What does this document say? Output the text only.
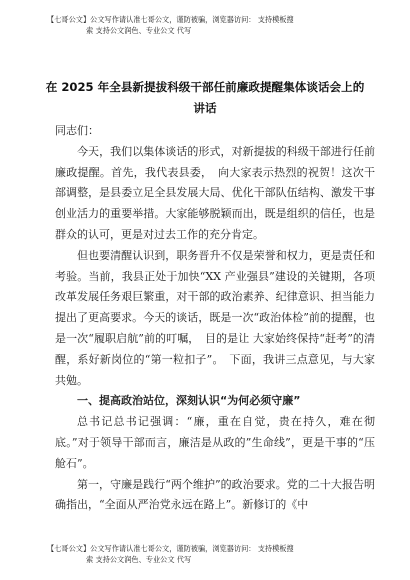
【七哥公文】公文写作请认准七哥公文，谨防被骗，浏览器访问： 支持模板搜
索 支持公文润色、专业公文 代写
在 2025 年全县新提拔科级干部任前廉政提醒集体谈话会上的讲话

同志们：

今天，我们以集体谈话的形式，对新提拔的科级干部进行任前廉政提醒。首先，我代表县委，　向大家表示热烈的祝贺！这次干部调整，是县委立足全县发展大局、优化干部队伍结构、激发干事创业活力的重要举措。大家能够脱颖而出，既是组织的信任，也是群众的认可，更是对过去工作的充分肯定。

但也要清醒认识到，职务晋升不仅是荣誉和权力，更是责任和考验。当前，我县正处于加快“XX 产业强县”建设的关键期，各项改革发展任务艰巨繁重，对干部的政治素养、纪律意识、担当能力提出了更高要求。今天的谈话，既是一次“政治体检”前的提醒，也是一次“履职启航”前的叮嘱，　目的是让 大家始终保持“赶考”的清醒，系好新岗位的“第一粒扣子”。　下面，我讲三点意见，与大家共勉。

一、提高政治站位，深刻认识“为何必须守廉”

总书记总书记强调：“廉，重在自觉，贵在持久，难在彻底。”对于领导干部而言，廉洁是从政的”生命线”，更是干事的“压舱石”。

第一，守廉是践行“两个维护”的政治要求。党的二十大报告明确指出，“全面从严治党永远在路上”。新修订的《中

【七哥公文】公文写作请认准七哥公文，谨防被骗，浏览器访问： 支持模板搜
索 支持公文润色、专业公文 代写
